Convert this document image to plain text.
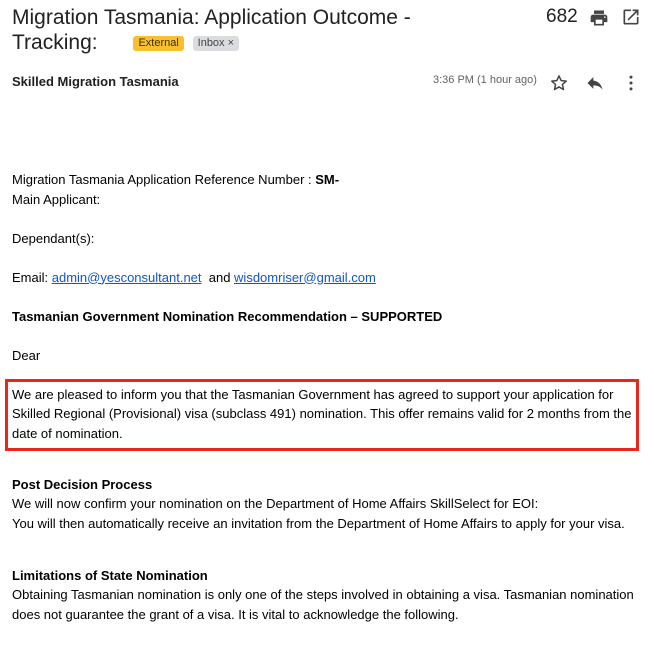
Migration Tasmania: Application Outcome -
Tracking:	External Inbox ×
682
Skilled Migration Tasmania	3:36 PM (1 hour ago)

Migration Tasmania Application Reference Number : SM-

Main Applicant:

Dependant(s):

Email: admin@yesconsultant.net  and wisdomriser@gmail.com

Tasmanian Government Nomination Recommendation – SUPPORTED

Dear

We are pleased to inform you that the Tasmanian Government has agreed to support your application for Skilled Regional (Provisional) visa (subclass 491) nomination. This offer remains valid for 2 months from the date of nomination.

Post Decision Process

We will now confirm your nomination on the Department of Home Affairs SkillSelect for EOI:

You will then automatically receive an invitation from the Department of Home Affairs to apply for your visa.

Limitations of State Nomination

Obtaining Tasmanian nomination is only one of the steps involved in obtaining a visa. Tasmanian nomination does not guarantee the grant of a visa. It is vital to acknowledge the following.
